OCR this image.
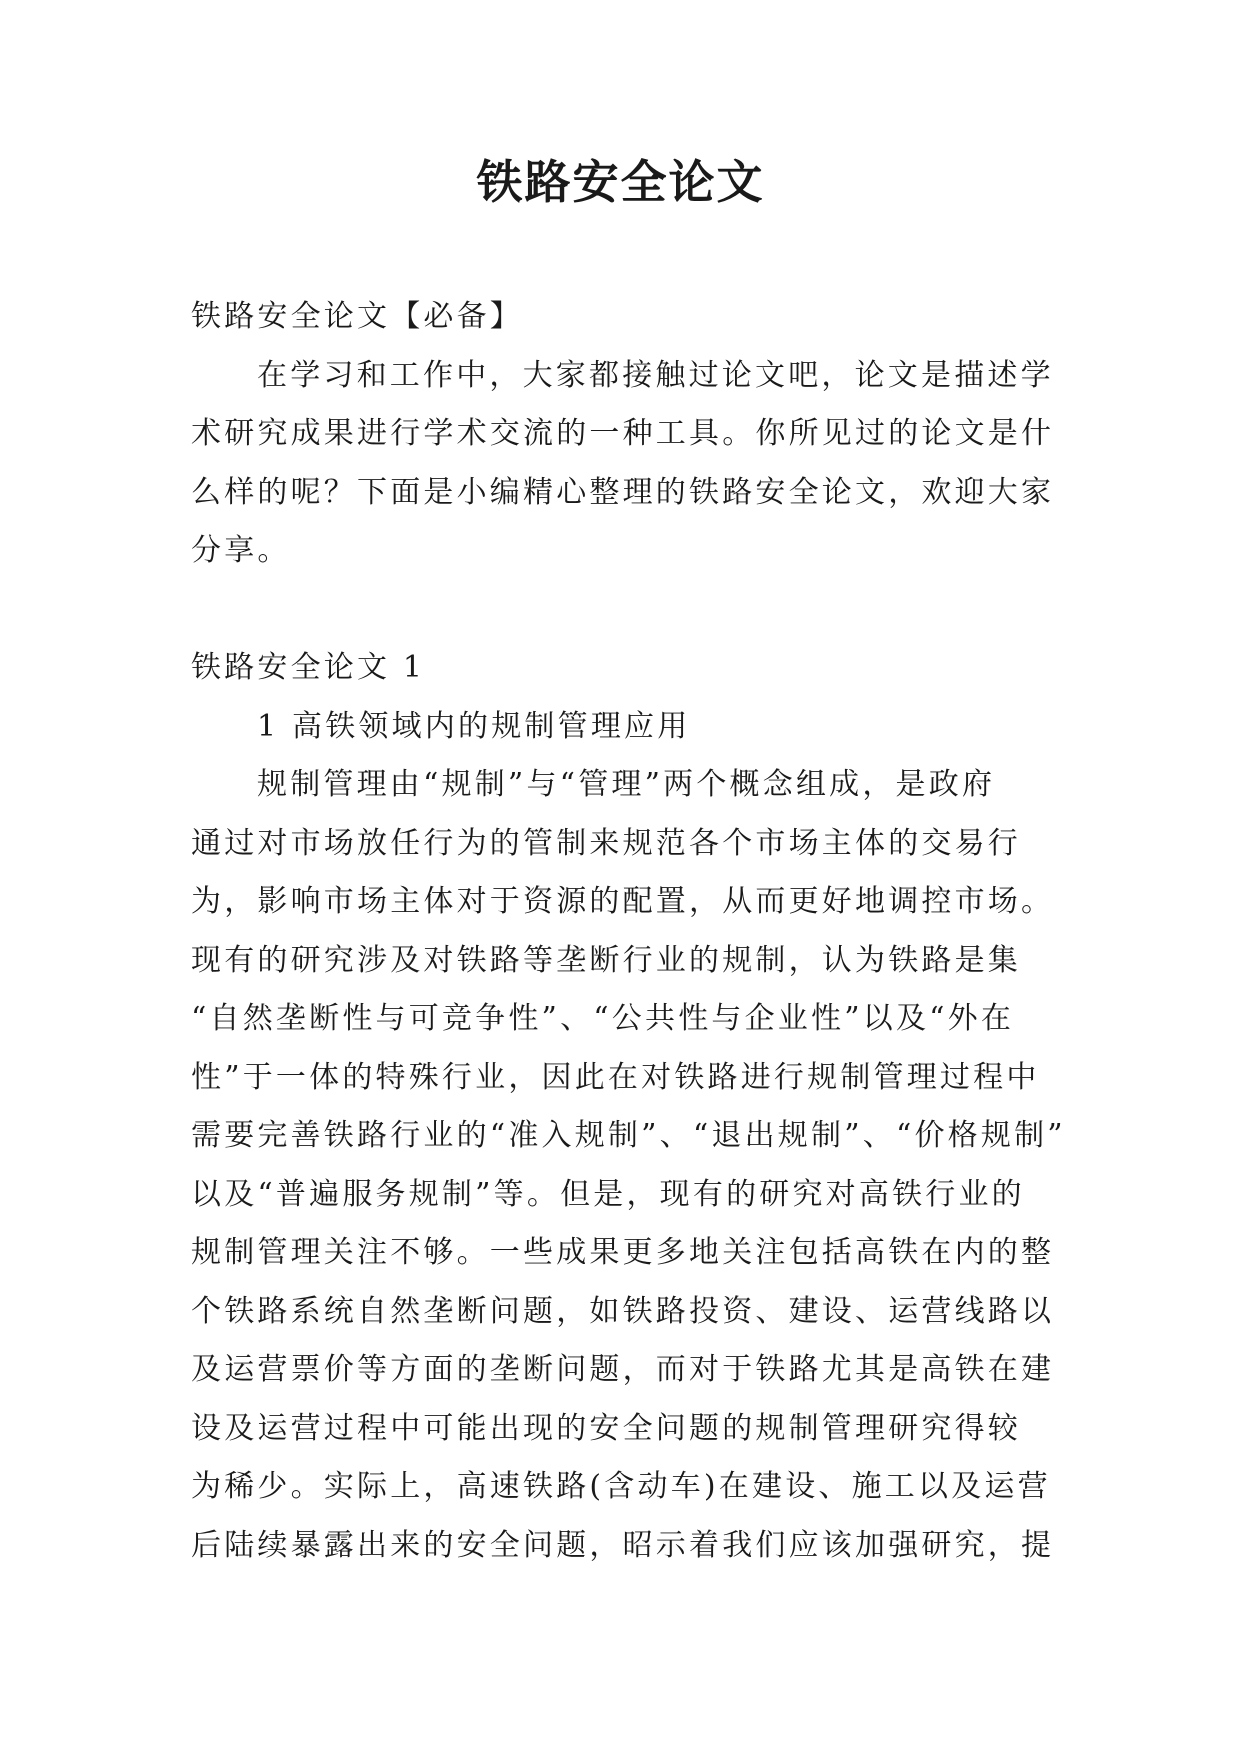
铁路安全论文
铁路安全论文【必备】
在学习和工作中，大家都接触过论文吧，论文是描述学
术研究成果进行学术交流的一种工具。你所见过的论文是什
么样的呢？下面是小编精心整理的铁路安全论文，欢迎大家
分享。
铁路安全论文 1
1 高铁领域内的规制管理应用
规制管理由“规制”与“管理”两个概念组成，是政府
通过对市场放任行为的管制来规范各个市场主体的交易行
为，影响市场主体对于资源的配置，从而更好地调控市场。
现有的研究涉及对铁路等垄断行业的规制，认为铁路是集
“自然垄断性与可竞争性”、“公共性与企业性”以及“外在
性”于一体的特殊行业，因此在对铁路进行规制管理过程中
需要完善铁路行业的“准入规制”、“退出规制”、“价格规制”
以及“普遍服务规制”等。但是，现有的研究对高铁行业的
规制管理关注不够。一些成果更多地关注包括高铁在内的整
个铁路系统自然垄断问题，如铁路投资、建设、运营线路以
及运营票价等方面的垄断问题，而对于铁路尤其是高铁在建
设及运营过程中可能出现的安全问题的规制管理研究得较
为稀少。实际上，高速铁路(含动车)在建设、施工以及运营
后陆续暴露出来的安全问题，昭示着我们应该加强研究，提
